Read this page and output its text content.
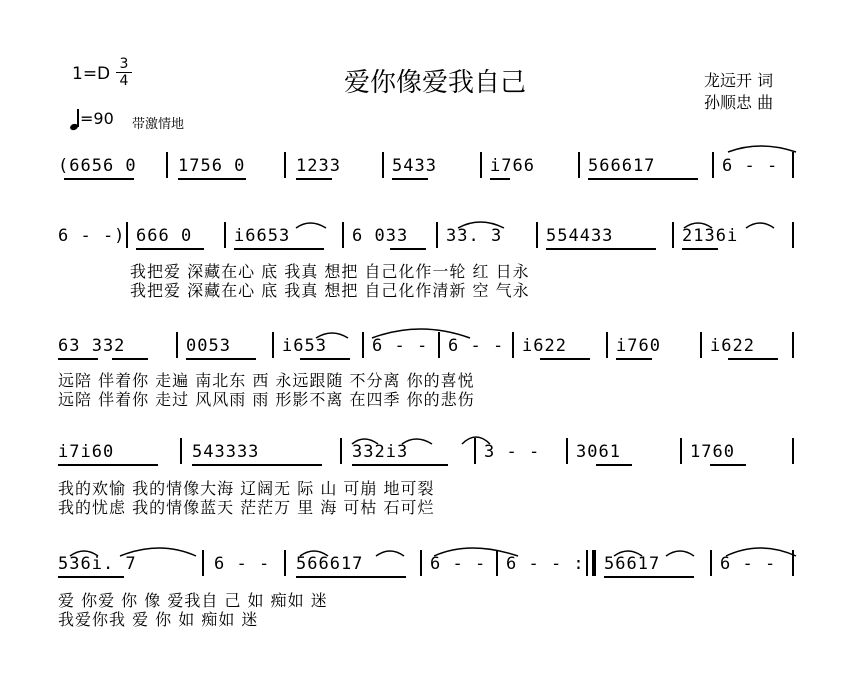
1=D 3
4
=90 带激情地
爱你像爱我自己	龙远开 词
孙顺忠 曲
(6656 0 1756 0	1233	5433	i766	566617	6 - -
6 - -) 666 0 i6653	6 033 33. 3	554433	2136i
我把爱 深藏在心 底 我真 想把 自己化作一轮 红 日永
我把爱 深藏在心 底 我真 想把 自己化作清新 空 气永
63 332	0053	i653	6 - - 6 - - i622	i760	i622
远陪 伴着你 走遍 南北东 西 永远跟随 不分离 你的喜悦
远陪 伴着你 走过 风风雨 雨 形影不离 在四季 你的悲伤
i7i60	543333	332i3	3 - - 3061	1760
我的欢愉 我的情像大海 辽阔无 际 山 可崩 地可裂
我的忧虑 我的情像蓝天 茫茫万 里 海 可枯 石可烂
536i. 7	6 - - 566617	6 - - 6 - - : 56617	6 - -
爱 你爱 你 像 爱我自 己 如 痴如 迷
我爱你我 爱 你 如 痴如 迷
